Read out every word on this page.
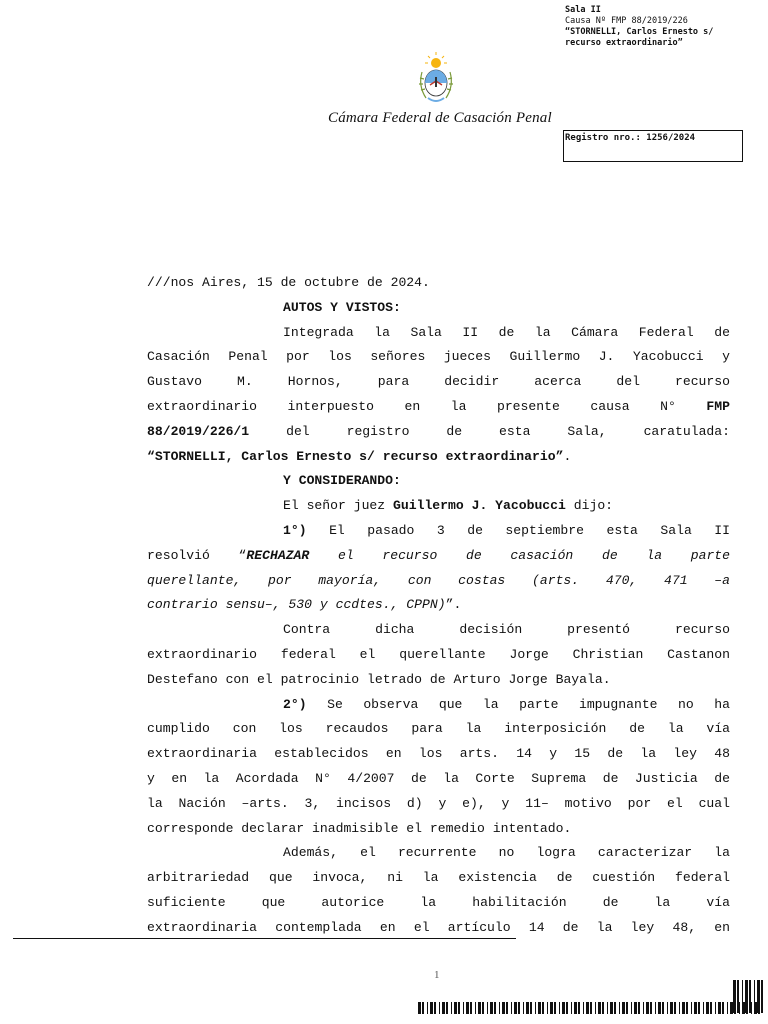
Sala II
Causa Nº FMP 88/2019/226
“STORNELLI, Carlos Ernesto s/
recurso extraordinario”
Cámara Federal de Casación Penal
Registro nro.: 1256/2024
///nos Aires, 15 de octubre de 2024.
AUTOS Y VISTOS:
Integrada la Sala II de la Cámara Federal de
Casación Penal por los señores jueces Guillermo J. Yacobucci y
Gustavo M. Hornos, para decidir acerca del recurso
extraordinario interpuesto en la presente causa N° FMP
88/2019/226/1	del registro de esta Sala, caratulada:
“STORNELLI, Carlos Ernesto s/ recurso extraordinario”.
Y CONSIDERANDO:
El señor juez Guillermo J. Yacobucci dijo:
1°) El pasado 3 de septiembre esta Sala II
resolvió “RECHAZAR el recurso de casación de la parte
querellante, por mayoría, con costas (arts. 470, 471 –a
contrario sensu–, 530 y ccdtes., CPPN)”.
Contra dicha decisión presentó recurso
extraordinario federal el querellante Jorge Christian Castanon
Destefano con el patrocinio letrado de Arturo Jorge Bayala.
2°) Se observa que la parte impugnante no ha
cumplido con los recaudos para la interposición de la vía
extraordinaria establecidos en los arts. 14 y 15 de la ley 48
y en la Acordada N° 4/2007 de la Corte Suprema de Justicia de
la Nación –arts. 3, incisos d) y e), y 11– motivo por el cual
corresponde declarar inadmisible el remedio intentado.
Además, el recurrente no logra caracterizar la
arbitrariedad que invoca, ni la existencia de cuestión federal
suficiente que autorice la habilitación de la vía
extraordinaria contemplada en el artículo 14 de la ley 48, en
1
